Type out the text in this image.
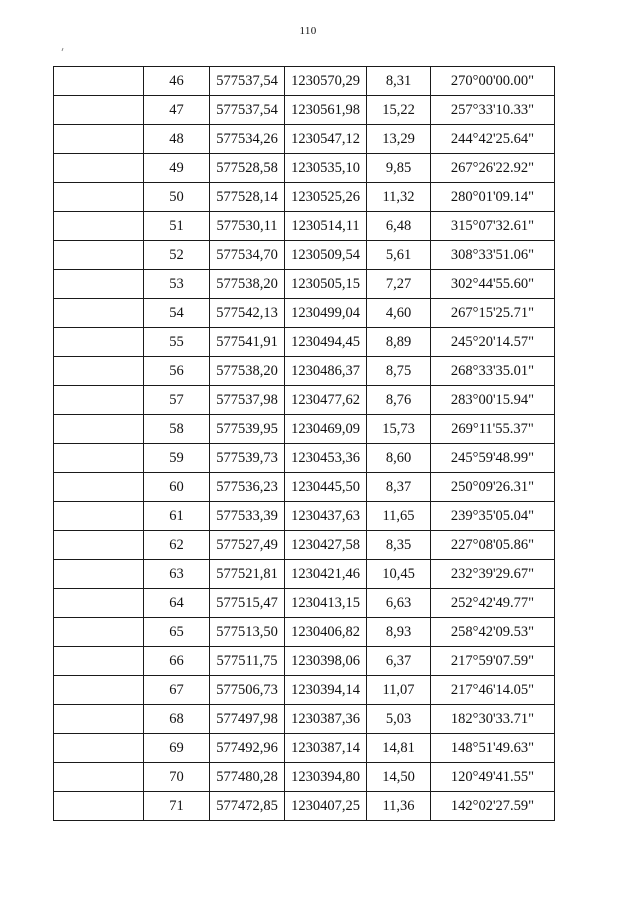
110
	46	577537,54	1230570,29	8,31	270°00'00.00"
	47	577537,54	1230561,98	15,22	257°33'10.33"
	48	577534,26	1230547,12	13,29	244°42'25.64"
	49	577528,58	1230535,10	9,85	267°26'22.92"
	50	577528,14	1230525,26	11,32	280°01'09.14"
	51	577530,11	1230514,11	6,48	315°07'32.61"
	52	577534,70	1230509,54	5,61	308°33'51.06"
	53	577538,20	1230505,15	7,27	302°44'55.60"
	54	577542,13	1230499,04	4,60	267°15'25.71"
	55	577541,91	1230494,45	8,89	245°20'14.57"
	56	577538,20	1230486,37	8,75	268°33'35.01"
	57	577537,98	1230477,62	8,76	283°00'15.94"
	58	577539,95	1230469,09	15,73	269°11'55.37"
	59	577539,73	1230453,36	8,60	245°59'48.99"
	60	577536,23	1230445,50	8,37	250°09'26.31"
	61	577533,39	1230437,63	11,65	239°35'05.04"
	62	577527,49	1230427,58	8,35	227°08'05.86"
	63	577521,81	1230421,46	10,45	232°39'29.67"
	64	577515,47	1230413,15	6,63	252°42'49.77"
	65	577513,50	1230406,82	8,93	258°42'09.53"
	66	577511,75	1230398,06	6,37	217°59'07.59"
	67	577506,73	1230394,14	11,07	217°46'14.05"
	68	577497,98	1230387,36	5,03	182°30'33.71"
	69	577492,96	1230387,14	14,81	148°51'49.63"
	70	577480,28	1230394,80	14,50	120°49'41.55"
	71	577472,85	1230407,25	11,36	142°02'27.59"
